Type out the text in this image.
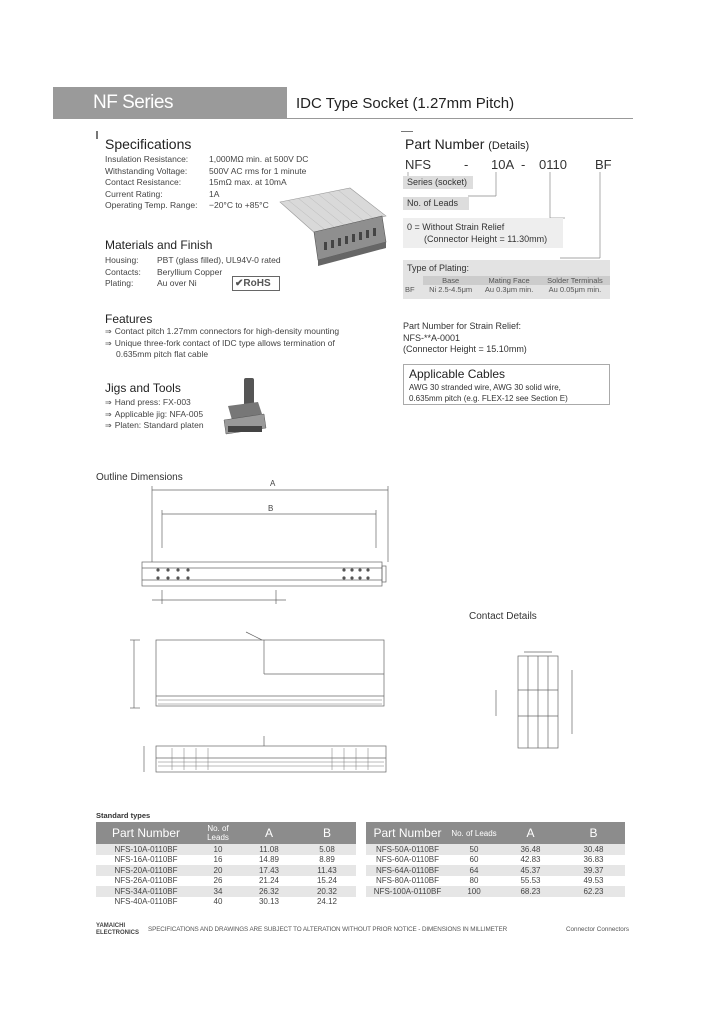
NF Series	IDC Type Socket (1.27mm Pitch)
Specifications
Insulation Resistance:	1,000MΩ min. at 500V DC
Withstanding Voltage:	500V AC rms for 1 minute
Contact Resistance:	15mΩ max. at 10mA
Current Rating:	1A
Operating Temp. Range:	−20°C to +85°C
Materials and Finish
Housing:	PBT (glass filled), UL94V-0 rated
Contacts:	Beryllium Copper
Plating:	Au over Ni	✔RoHS
Features
⇒ Contact pitch 1.27mm connectors for high-density mounting
⇒ Unique three-fork contact of IDC type allows termination of
0.635mm pitch flat cable
Jigs and Tools
⇒ Hand press: FX-003
⇒ Applicable jig: NFA-005
⇒ Platen: Standard platen
Part Number (Details)
NFS	- 10A - 0110 BF
Series (socket)
No. of Leads
0 = Without Strain Relief
(Connector Height = 11.30mm)
Type of Plating:
	Base	Mating Face	Solder Terminals
BF	Ni 2.5-4.5μm	Au 0.3μm min.	Au 0.05μm min.
Part Number for Strain Relief:
NFS-**A-0001
(Connector Height = 15.10mm)
Applicable Cables
AWG 30 stranded wire, AWG 30 solid wire,
0.635mm pitch (e.g. FLEX-12 see Section E)
Outline Dimensions
Contact Details
A
B
Standard types
Part Number	No. of Leads	A	B
NFS-10A-0110BF	10	11.08	5.08
NFS-16A-0110BF	16	14.89	8.89
NFS-20A-0110BF	20	17.43	11.43
NFS-26A-0110BF	26	21.24	15.24
NFS-34A-0110BF	34	26.32	20.32
NFS-40A-0110BF	40	30.13	24.12
Part Number	No. of Leads	A	B
NFS-50A-0110BF	50	36.48	30.48
NFS-60A-0110BF	60	42.83	36.83
NFS-64A-0110BF	64	45.37	39.37
NFS-80A-0110BF	80	55.53	49.53
NFS-100A-0110BF	100	68.23	62.23
YAMAICHI ELECTRONICS SPECIFICATIONS AND DRAWINGS ARE SUBJECT TO ALTERATION WITHOUT PRIOR NOTICE - DIMENSIONS IN MILLIMETER	Connector Connectors
